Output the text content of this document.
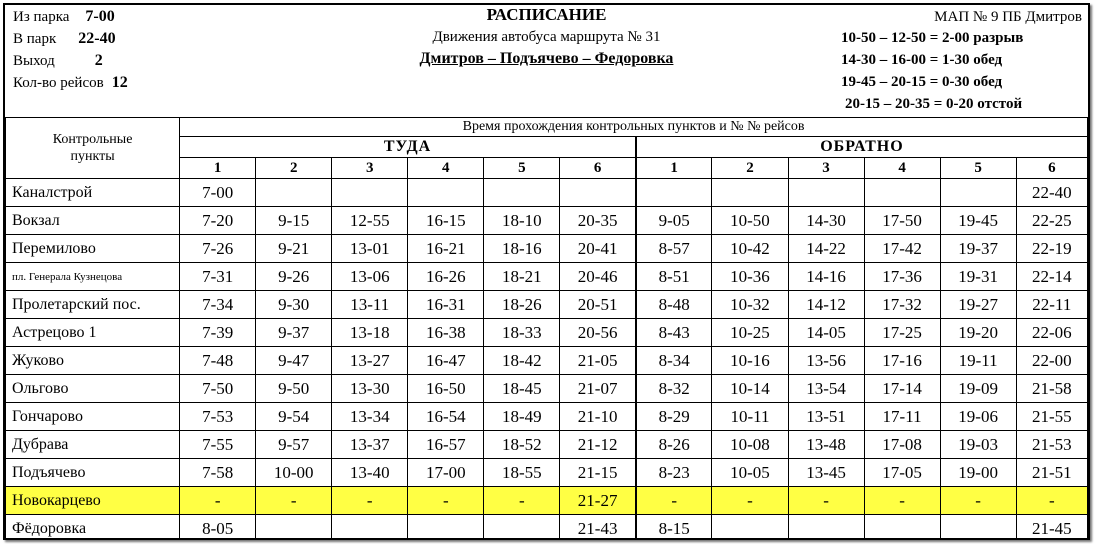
Из парка 7-00
В парк 22-40
Выход	2
Кол-во рейсов 12
РАСПИСАНИЕ
Движения автобуса маршрута № 31
Дмитров – Подъячево – Федоровка
МАП № 9 ПБ Дмитров
10-50 – 12-50 = 2-00 разрыв
14-30 – 16-00 = 1-30 обед
19-45 – 20-15 = 0-30 обед
20-15 – 20-35 = 0-20 отстой
Контрольные пункты	Время прохождения контрольных пунктов и № № рейсов											
	ТУДА						ОБРАТНО					
	1	2	3	4	5	6	1	2	3	4	5	6
Каналстрой	7-00											22-40
Вокзал	7-20	9-15	12-55	16-15	18-10	20-35	9-05	10-50	14-30	17-50	19-45	22-25
Перемилово	7-26	9-21	13-01	16-21	18-16	20-41	8-57	10-42	14-22	17-42	19-37	22-19
пл. Генерала Кузнецова	7-31	9-26	13-06	16-26	18-21	20-46	8-51	10-36	14-16	17-36	19-31	22-14
Пролетарский пос.	7-34	9-30	13-11	16-31	18-26	20-51	8-48	10-32	14-12	17-32	19-27	22-11
Астрецово 1	7-39	9-37	13-18	16-38	18-33	20-56	8-43	10-25	14-05	17-25	19-20	22-06
Жуково	7-48	9-47	13-27	16-47	18-42	21-05	8-34	10-16	13-56	17-16	19-11	22-00
Ольгово	7-50	9-50	13-30	16-50	18-45	21-07	8-32	10-14	13-54	17-14	19-09	21-58
Гончарово	7-53	9-54	13-34	16-54	18-49	21-10	8-29	10-11	13-51	17-11	19-06	21-55
Дубрава	7-55	9-57	13-37	16-57	18-52	21-12	8-26	10-08	13-48	17-08	19-03	21-53
Подъячево	7-58	10-00	13-40	17-00	18-55	21-15	8-23	10-05	13-45	17-05	19-00	21-51
Новокарцево	-	-	-	-	-	21-27	-	-	-	-	-	-
Фёдоровка	8-05					21-43	8-15					21-45
